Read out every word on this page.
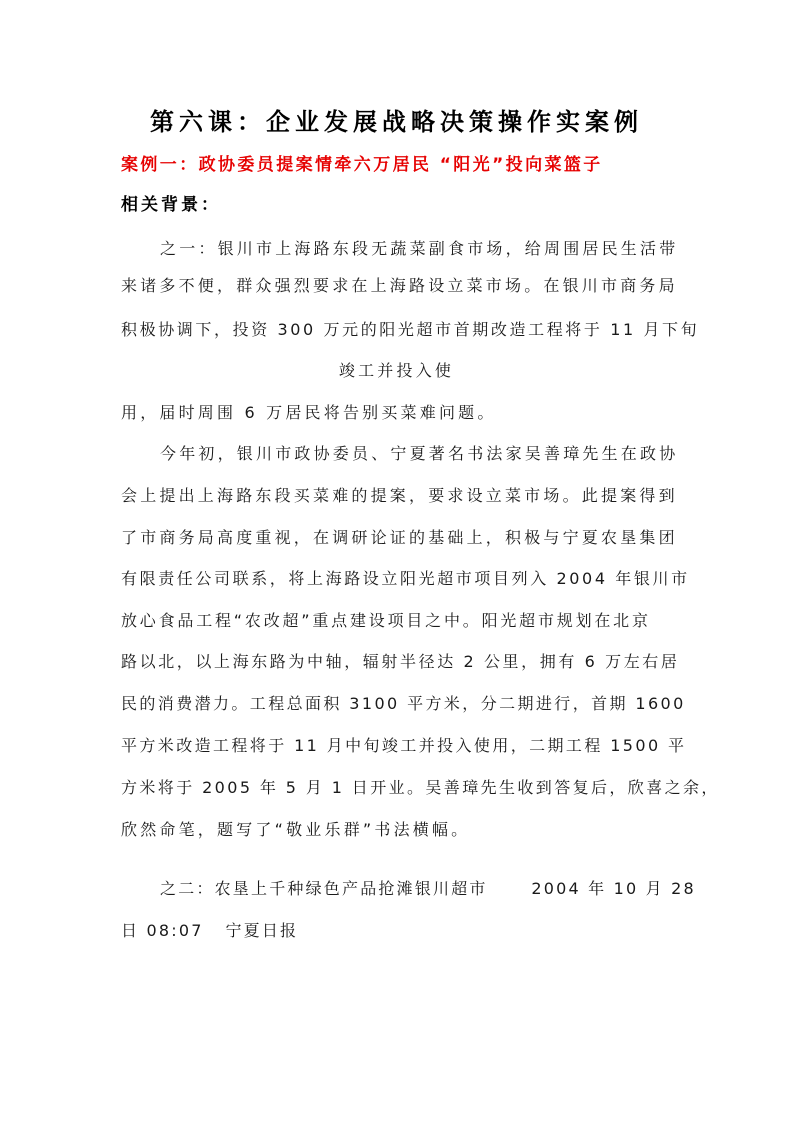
第六课：企业发展战略决策操作实案例
案例一：政协委员提案情牵六万居民 “阳光”投向菜篮子
相关背景：
之一：银川市上海路东段无蔬菜副食市场，给周围居民生活带
来诸多不便，群众强烈要求在上海路设立菜市场。在银川市商务局
积极协调下，投资 300 万元的阳光超市首期改造工程将于 11 月下旬
竣工并投入使
用，届时周围 6 万居民将告别买菜难问题。
今年初，银川市政协委员、宁夏著名书法家吴善璋先生在政协
会上提出上海路东段买菜难的提案，要求设立菜市场。此提案得到
了市商务局高度重视，在调研论证的基础上，积极与宁夏农垦集团
有限责任公司联系，将上海路设立阳光超市项目列入 2004 年银川市
放心食品工程“农改超”重点建设项目之中。阳光超市规划在北京
路以北，以上海东路为中轴，辐射半径达 2 公里，拥有 6 万左右居
民的消费潜力。工程总面积 3100 平方米，分二期进行，首期 1600
平方米改造工程将于 11 月中旬竣工并投入使用，二期工程 1500 平
方米将于 2005 年 5 月 1 日开业。吴善璋先生收到答复后，欣喜之余，
欣然命笔，题写了“敬业乐群”书法横幅。
之二：农垦上千种绿色产品抢滩银川超市      2004 年 10 月 28
日 08:07   宁夏日报
